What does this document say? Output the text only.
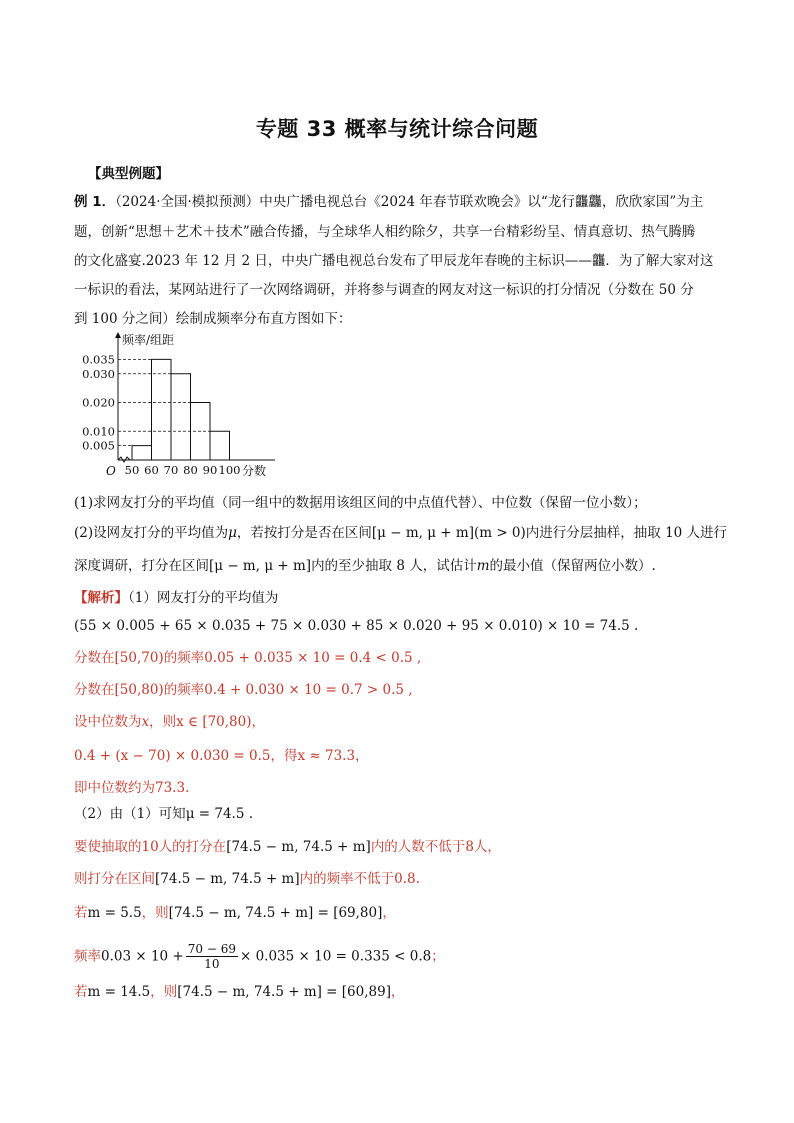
专题 33 概率与统计综合问题
【典型例题】
例 1．（2024·全国·模拟预测）中央广播电视总台《2024 年春节联欢晚会》以“龙行龘龘，欣欣家国”为主
题，创新“思想＋艺术＋技术”融合传播，与全球华人相约除夕，共享一台精彩纷呈、情真意切、热气腾腾
的文化盛宴.2023 年 12 月 2 日，中央广播电视总台发布了甲辰龙年春晚的主标识——龘．为了解大家对这
一标识的看法，某网站进行了一次网络调研，并将参与调查的网友对这一标识的打分情况（分数在 50 分
到 100 分之间）绘制成频率分布直方图如下：
0.035
0.030
0.020
0.010
0.005
50 60 70 80 90 100
O
频率/组距
分数
(1)求网友打分的平均值（同一组中的数据用该组区间的中点值代替）、中位数（保留一位小数）；
(2)设网友打分的平均值为μ，若按打分是否在区间[μ − m, μ + m](m > 0)内进行分层抽样，抽取 10 人进行
深度调研，打分在区间[μ − m, μ + m]内的至少抽取 8 人，试估计m的最小值（保留两位小数）.
【解析】（1）网友打分的平均值为
(55 × 0.005 + 65 × 0.035 + 75 × 0.030 + 85 × 0.020 + 95 × 0.010) × 10 = 74.5 .
分数在[50,70)的频率0.05 + 0.035 × 10 = 0.4 < 0.5 ,
分数在[50,80)的频率0.4 + 0.030 × 10 = 0.7 > 0.5 ,
设中位数为x，则x ∈ [70,80)，
0.4 + (x − 70) × 0.030 = 0.5，得x ≈ 73.3，
即中位数约为73.3.
（2）由（1）可知μ = 74.5 .
要使抽取的10人的打分在[74.5 − m, 74.5 + m]内的人数不低于8人，
则打分在区间[74.5 − m, 74.5 + m]内的频率不低于0.8.
若m = 5.5，则[74.5 − m, 74.5 + m] = [69,80]，
频率$0.03 \times 10 + \frac{70 - 69}{10} \times 0.035 \times 10 = 0.335 < 0.8$；
若m = 14.5，则[74.5 − m, 74.5 + m] = [60,89]，
